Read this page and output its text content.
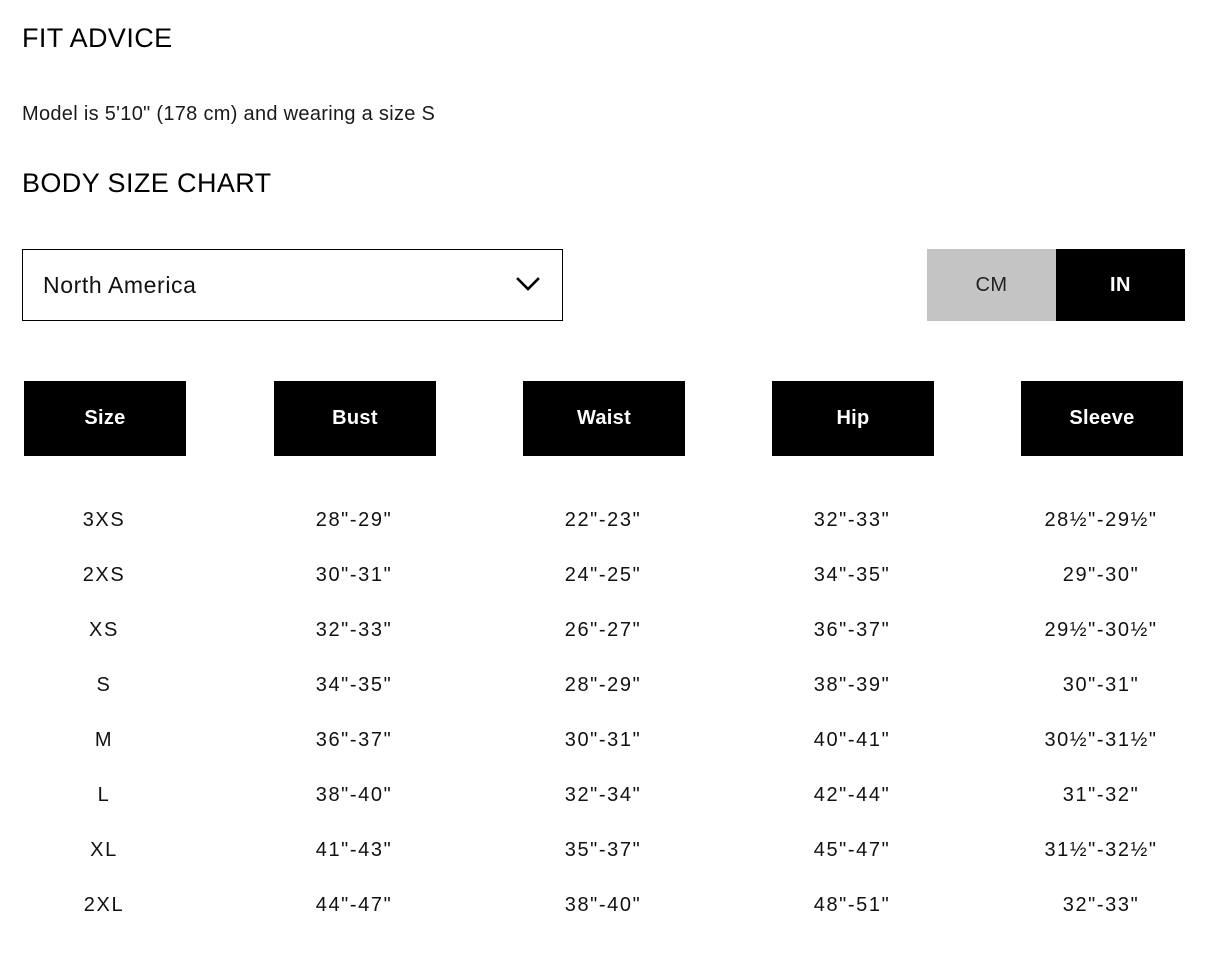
FIT ADVICE

Model is 5'10" (178 cm) and wearing a size S

BODY SIZE CHART
North America	CM	IN
Size	Bust	Waist	Hip	Sleeve
3XS	28"-29"	22"-23"	32"-33"	28½"-29½"
2XS	30"-31"	24"-25"	34"-35"	29"-30"
XS	32"-33"	26"-27"	36"-37"	29½"-30½"
S	34"-35"	28"-29"	38"-39"	30"-31"
M	36"-37"	30"-31"	40"-41"	30½"-31½"
L	38"-40"	32"-34"	42"-44"	31"-32"
XL	41"-43"	35"-37"	45"-47"	31½"-32½"
2XL	44"-47"	38"-40"	48"-51"	32"-33"
